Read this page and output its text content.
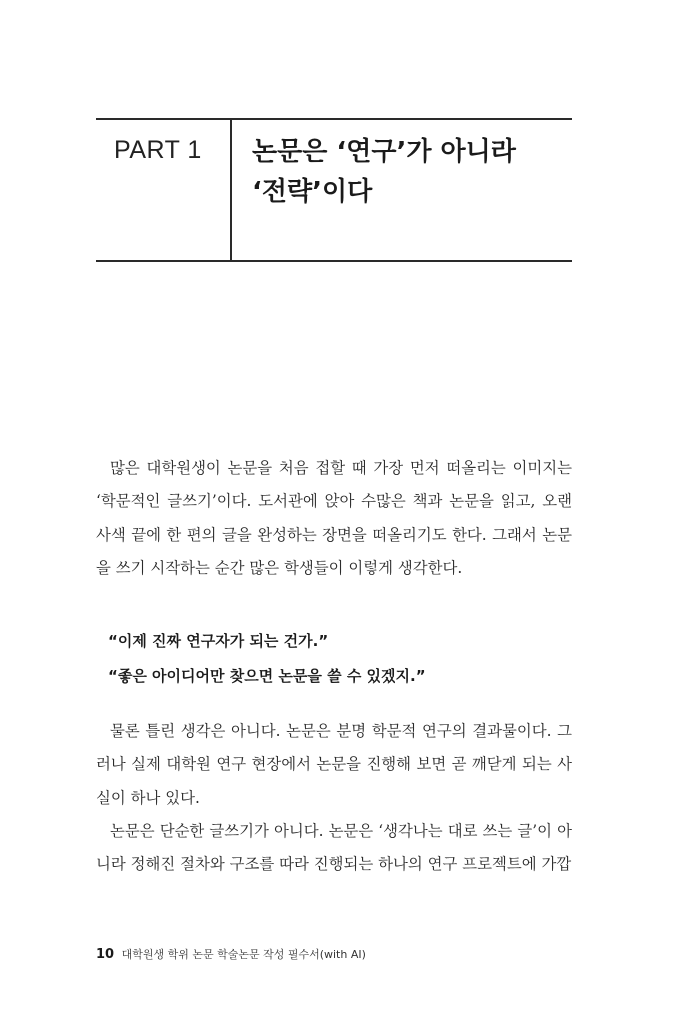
PART 1 논문은 ‘연구’가 아니라
‘전략’이다

많은 대학원생이 논문을 처음 접할 때 가장 먼저 떠올리는 이미지는 ‘학문적인 글쓰기’이다. 도서관에 앉아 수많은 책과 논문을 읽고, 오랜 사색 끝에 한 편의 글을 완성하는 장면을 떠올리기도 한다. 그래서 논문을 쓰기 시작하는 순간 많은 학생들이 이렇게 생각한다.

“이제 진짜 연구자가 되는 건가.”
“좋은 아이디어만 찾으면 논문을 쓸 수 있겠지.”

물론 틀린 생각은 아니다. 논문은 분명 학문적 연구의 결과물이다. 그러나 실제 대학원 연구 현장에서 논문을 진행해 보면 곧 깨닫게 되는 사실이 하나 있다.

논문은 단순한 글쓰기가 아니다. 논문은 ‘생각나는 대로 쓰는 글’이 아니라 정해진 절차와 구조를 따라 진행되는 하나의 연구 프로젝트에 가깝

10 대학원생 학위 논문 학술논문 작성 필수서(with AI)
